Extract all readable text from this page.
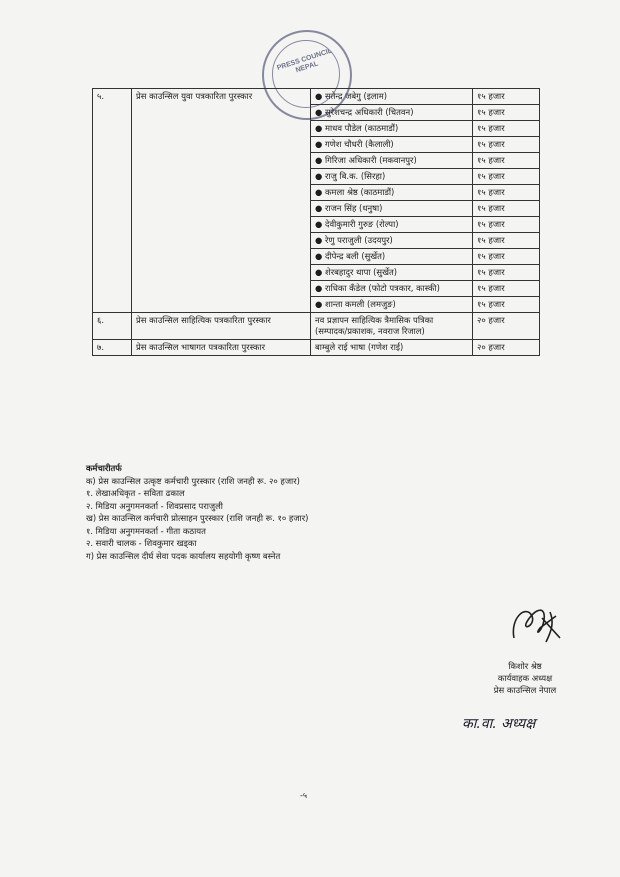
PRESS COUNCIL NEPAL
५.	प्रेस काउन्सिल युवा पत्रकारिता पुरस्कार	● सतेन्द्र जबेगु (इलाम)	१५ हजार
		● सुरेशचन्द्र अधिकारी (चितवन)	१५ हजार
		● माधव पौडेल (काठमाडौं)	१५ हजार
		● गणेश चौधरी (कैलाली)	१५ हजार
		● गिरिजा अधिकारी (मकवानपुर)	१५ हजार
		● राजु बि.क. (सिरहा)	१५ हजार
		● कमला श्रेष्ठ (काठमाडौं)	१५ हजार
		● राजन सिंह (धनुषा)	१५ हजार
		● देवीकुमारी गुरुङ (रोल्पा)	१५ हजार
		● रेणु पराजुली (उदयपुर)	१५ हजार
		● दीपेन्द्र बली (सुर्खेत)	१५ हजार
		● शेरबहादुर थापा (सुर्खेत)	१५ हजार
		● राधिका कँडेल (फोटो पत्रकार, कास्की)	१५ हजार
		● शान्ता कमली (लमजुङ)	१५ हजार
६.	प्रेस काउन्सिल साहित्यिक पत्रकारिता पुरस्कार	नव प्रज्ञापन साहित्यिक त्रैमासिक पत्रिका (सम्पादक/प्रकाशक, नवराज रिजाल)	२० हजार
७.	प्रेस काउन्सिल भाषागत पत्रकारिता पुरस्कार	बाम्बुले राई भाषा (गणेश राई)	२० हजार
कर्मचारीतर्फ
क) प्रेस काउन्सिल उत्कृष्ट कर्मचारी पुरस्कार (राशि जनही रू. २० हजार)
१. लेखाअधिकृत - सविता ढकाल
२. मिडिया अनुगमनकर्ता - शिवप्रसाद पराजुली
ख) प्रेस काउन्सिल कर्मचारी प्रोत्साहन पुरस्कार (राशि जनही रू. १० हजार)
१. मिडिया अनुगमनकर्ता - गीता कठायत
२. सवारी चालक - शिवकुमार खड्का
ग) प्रेस काउन्सिल दीर्घ सेवा पदक कार्यालय सहयोगी कृष्ण बस्नेत
किशोर श्रेष्ठ
कार्यवाहक अध्यक्ष
प्रेस काउन्सिल नेपाल
का.वा. अध्यक्ष
-५
